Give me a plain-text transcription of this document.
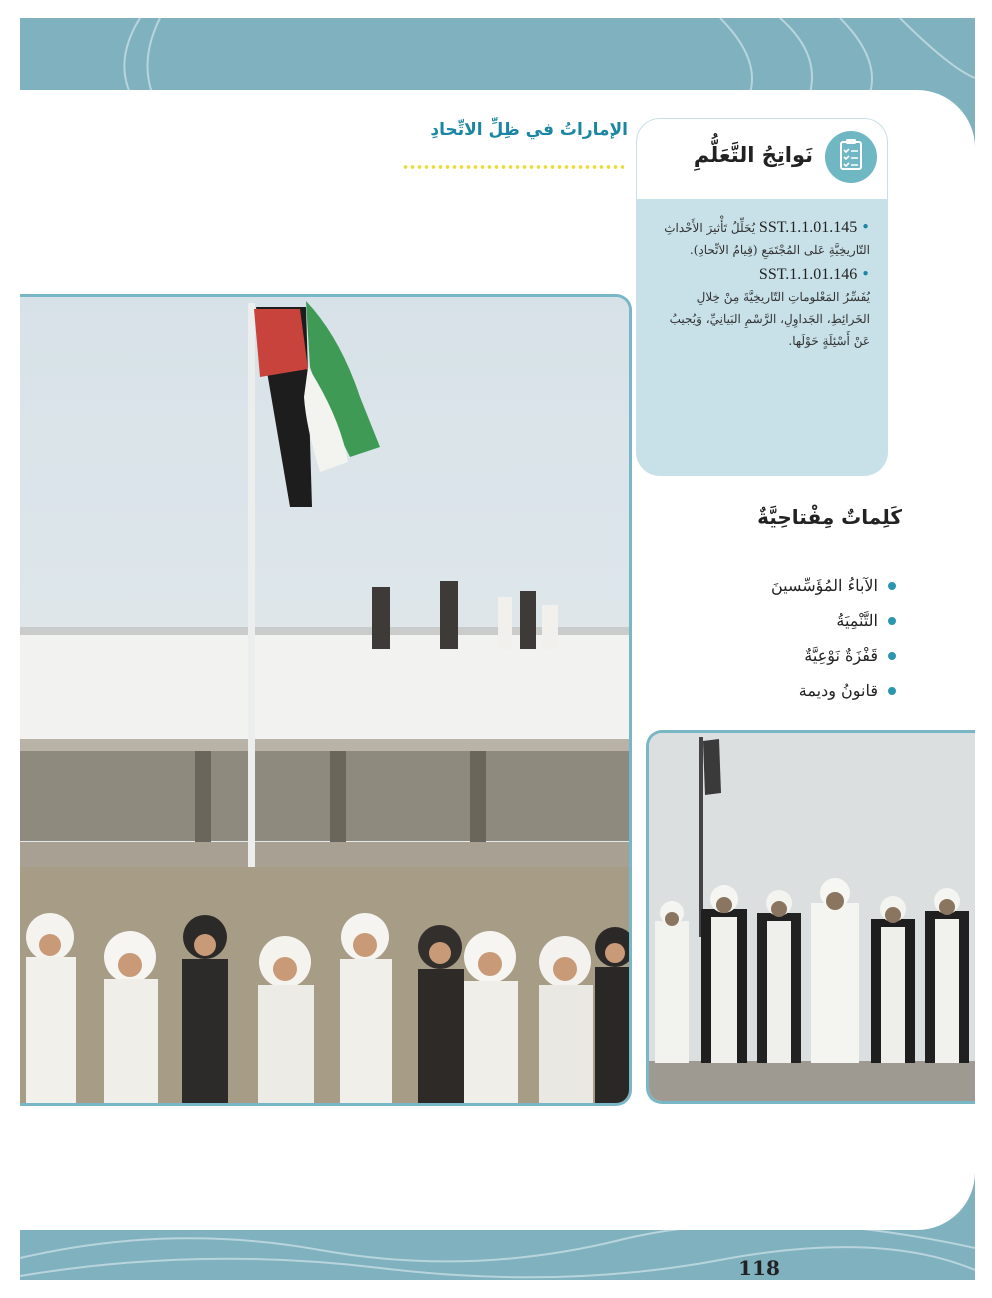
الإماراتُ في ظِلِّ الاتِّحادِ
نَواتِجُ التَّعَلُّمِ
• SST.1.1.01.145 يُحَلِّلُ تَأْثيرَ الأَحْداثِ التّاريخِيَّةِ عَلى المُجْتَمَعِ (قِيامُ الاتِّحادِ).
• SST.1.1.01.146
يُفَسِّرُ المَعْلوماتِ التّاريخِيَّةَ مِنْ خِلالِ الخَرائِطِ، الجَداوِلِ، الرَّسْمِ البَيانِيِّ، وَيُجيبُ عَنْ أَسْئِلَةٍ حَوْلَها.
كَلِماتٌ مِفْتاحِيَّةٌ
الآباءُ المُؤَسِّسينَ
التَّنْمِيَةُ
قَفْزَةٌ نَوْعِيَّةٌ
قانونُ وديمة
118
